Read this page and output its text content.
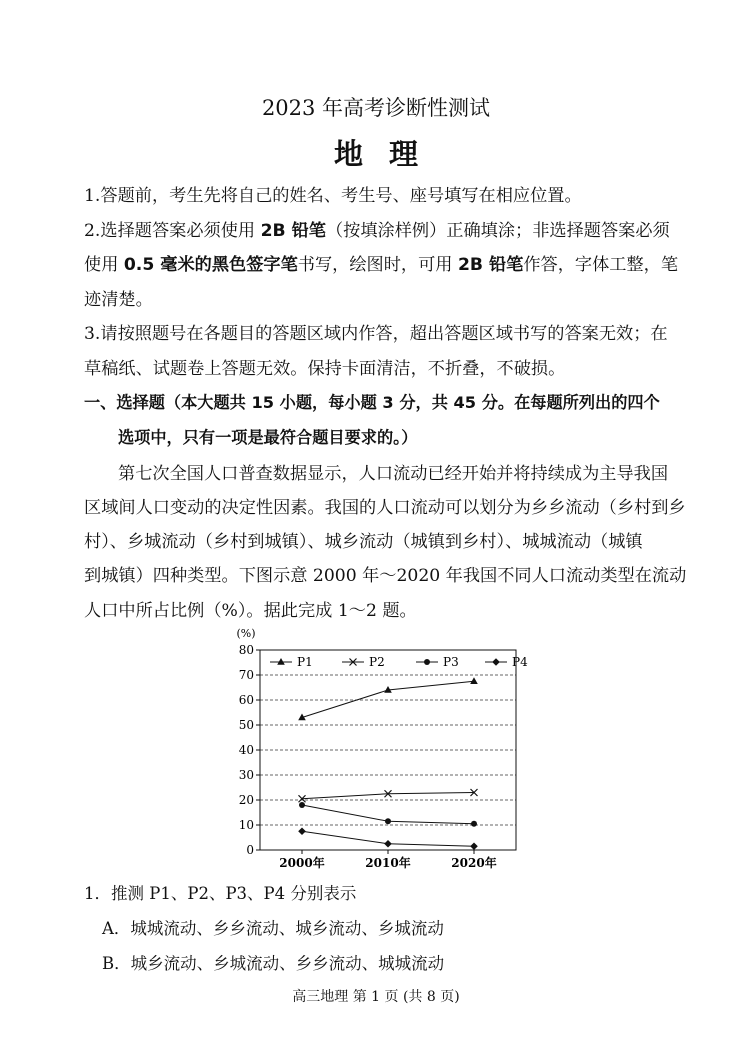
2023 年高考诊断性测试
地理
1.答题前，考生先将自己的姓名、考生号、座号填写在相应位置。
2.选择题答案必须使用 2B 铅笔（按填涂样例）正确填涂；非选择题答案必须
使用 0.5 毫米的黑色签字笔书写，绘图时，可用 2B 铅笔作答，字体工整，笔
迹清楚。
3.请按照题号在各题目的答题区域内作答，超出答题区域书写的答案无效；在
草稿纸、试题卷上答题无效。保持卡面清洁，不折叠，不破损。
一、选择题（本大题共 15 小题，每小题 3 分，共 45 分。在每题所列出的四个
选项中，只有一项是最符合题目要求的。）
第七次全国人口普查数据显示，人口流动已经开始并将持续成为主导我国
区域间人口变动的决定性因素。我国的人口流动可以划分为乡乡流动（乡村到乡
村）、乡城流动（乡村到城镇）、城乡流动（城镇到乡村）、城城流动（城镇
到城镇）四种类型。下图示意 2000 年～2020 年我国不同人口流动类型在流动
人口中所占比例（%）。据此完成 1～2 题。
(%)
0
10
20
30
40
50
60
70
80
2000年	2010年	2020年
P1	P2	P3	P4
1．推测 P1、P2、P3、P4 分别表示
A．城城流动、乡乡流动、城乡流动、乡城流动
B．城乡流动、乡城流动、乡乡流动、城城流动
高三地理 第 1 页 (共 8 页)
